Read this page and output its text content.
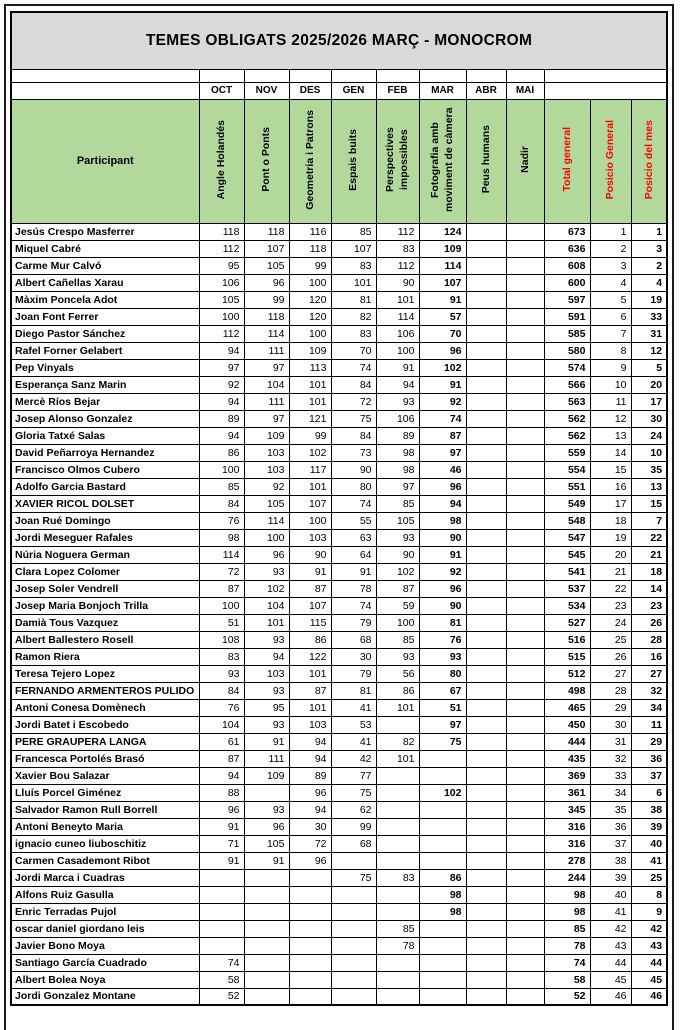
TEMES OBLIGATS 2025/2026 MARÇ - MONOCROM											

	OCT	NOV	DES	GEN	FEB	MAR	ABR	MAI			
Participant	Angle Holandés	Pont o Ponts	Geometria i Patrons	Espais buits	Perspectives impossibles	Fotografia amb moviment de càmera	Peus humans	Nadir	Total general	Posicio General	Posicio del mes
Jesús Crespo Masferrer	118	118	116	85	112	124			673	1	1
Miquel Cabré	112	107	118	107	83	109			636	2	3
Carme Mur Calvó	95	105	99	83	112	114			608	3	2
Albert Cañellas Xarau	106	96	100	101	90	107			600	4	4
Màxim Poncela Adot	105	99	120	81	101	91			597	5	19
Joan Font Ferrer	100	118	120	82	114	57			591	6	33
Diego Pastor Sánchez	112	114	100	83	106	70			585	7	31
Rafel Forner Gelabert	94	111	109	70	100	96			580	8	12
Pep Vinyals	97	97	113	74	91	102			574	9	5
Esperança Sanz Marin	92	104	101	84	94	91			566	10	20
Mercè Ríos Bejar	94	111	101	72	93	92			563	11	17
Josep Alonso Gonzalez	89	97	121	75	106	74			562	12	30
Gloria Tatxé Salas	94	109	99	84	89	87			562	13	24
David Peñarroya Hernandez	86	103	102	73	98	97			559	14	10
Francisco Olmos Cubero	100	103	117	90	98	46			554	15	35
Adolfo Garcia Bastard	85	92	101	80	97	96			551	16	13
XAVIER RICOL DOLSET	84	105	107	74	85	94			549	17	15
Joan Rué Domingo	76	114	100	55	105	98			548	18	7
Jordi Meseguer Rafales	98	100	103	63	93	90			547	19	22
Núria Noguera German	114	96	90	64	90	91			545	20	21
Clara Lopez Colomer	72	93	91	91	102	92			541	21	18
Josep Soler Vendrell	87	102	87	78	87	96			537	22	14
Josep Maria Bonjoch Trilla	100	104	107	74	59	90			534	23	23
Damià Tous Vazquez	51	101	115	79	100	81			527	24	26
Albert Ballestero Rosell	108	93	86	68	85	76			516	25	28
Ramon Riera	83	94	122	30	93	93			515	26	16
Teresa Tejero Lopez	93	103	101	79	56	80			512	27	27
FERNANDO ARMENTEROS PULIDO	84	93	87	81	86	67			498	28	32
Antoni Conesa Domènech	76	95	101	41	101	51			465	29	34
Jordi Batet i Escobedo	104	93	103	53		97			450	30	11
PERE GRAUPERA LANGA	61	91	94	41	82	75			444	31	29
Francesca Portolés Brasó	87	111	94	42	101				435	32	36
Xavier Bou Salazar	94	109	89	77					369	33	37
Lluís Porcel Giménez	88		96	75		102			361	34	6
Salvador Ramon Rull Borrell	96	93	94	62					345	35	38
Antoni Beneyto Maria	91	96	30	99					316	36	39
ignacio cuneo liuboschitiz	71	105	72	68					316	37	40
Carmen Casademont Ribot	91	91	96						278	38	41
Jordi Marca i Cuadras				75	83	86			244	39	25
Alfons Ruiz Gasulla						98			98	40	8
Enric Terradas Pujol						98			98	41	9
oscar daniel giordano leis					85				85	42	42
Javier Bono Moya					78				78	43	43
Santiago García Cuadrado	74								74	44	44
Albert Bolea Noya	58								58	45	45
Jordi Gonzalez Montane	52								52	46	46
